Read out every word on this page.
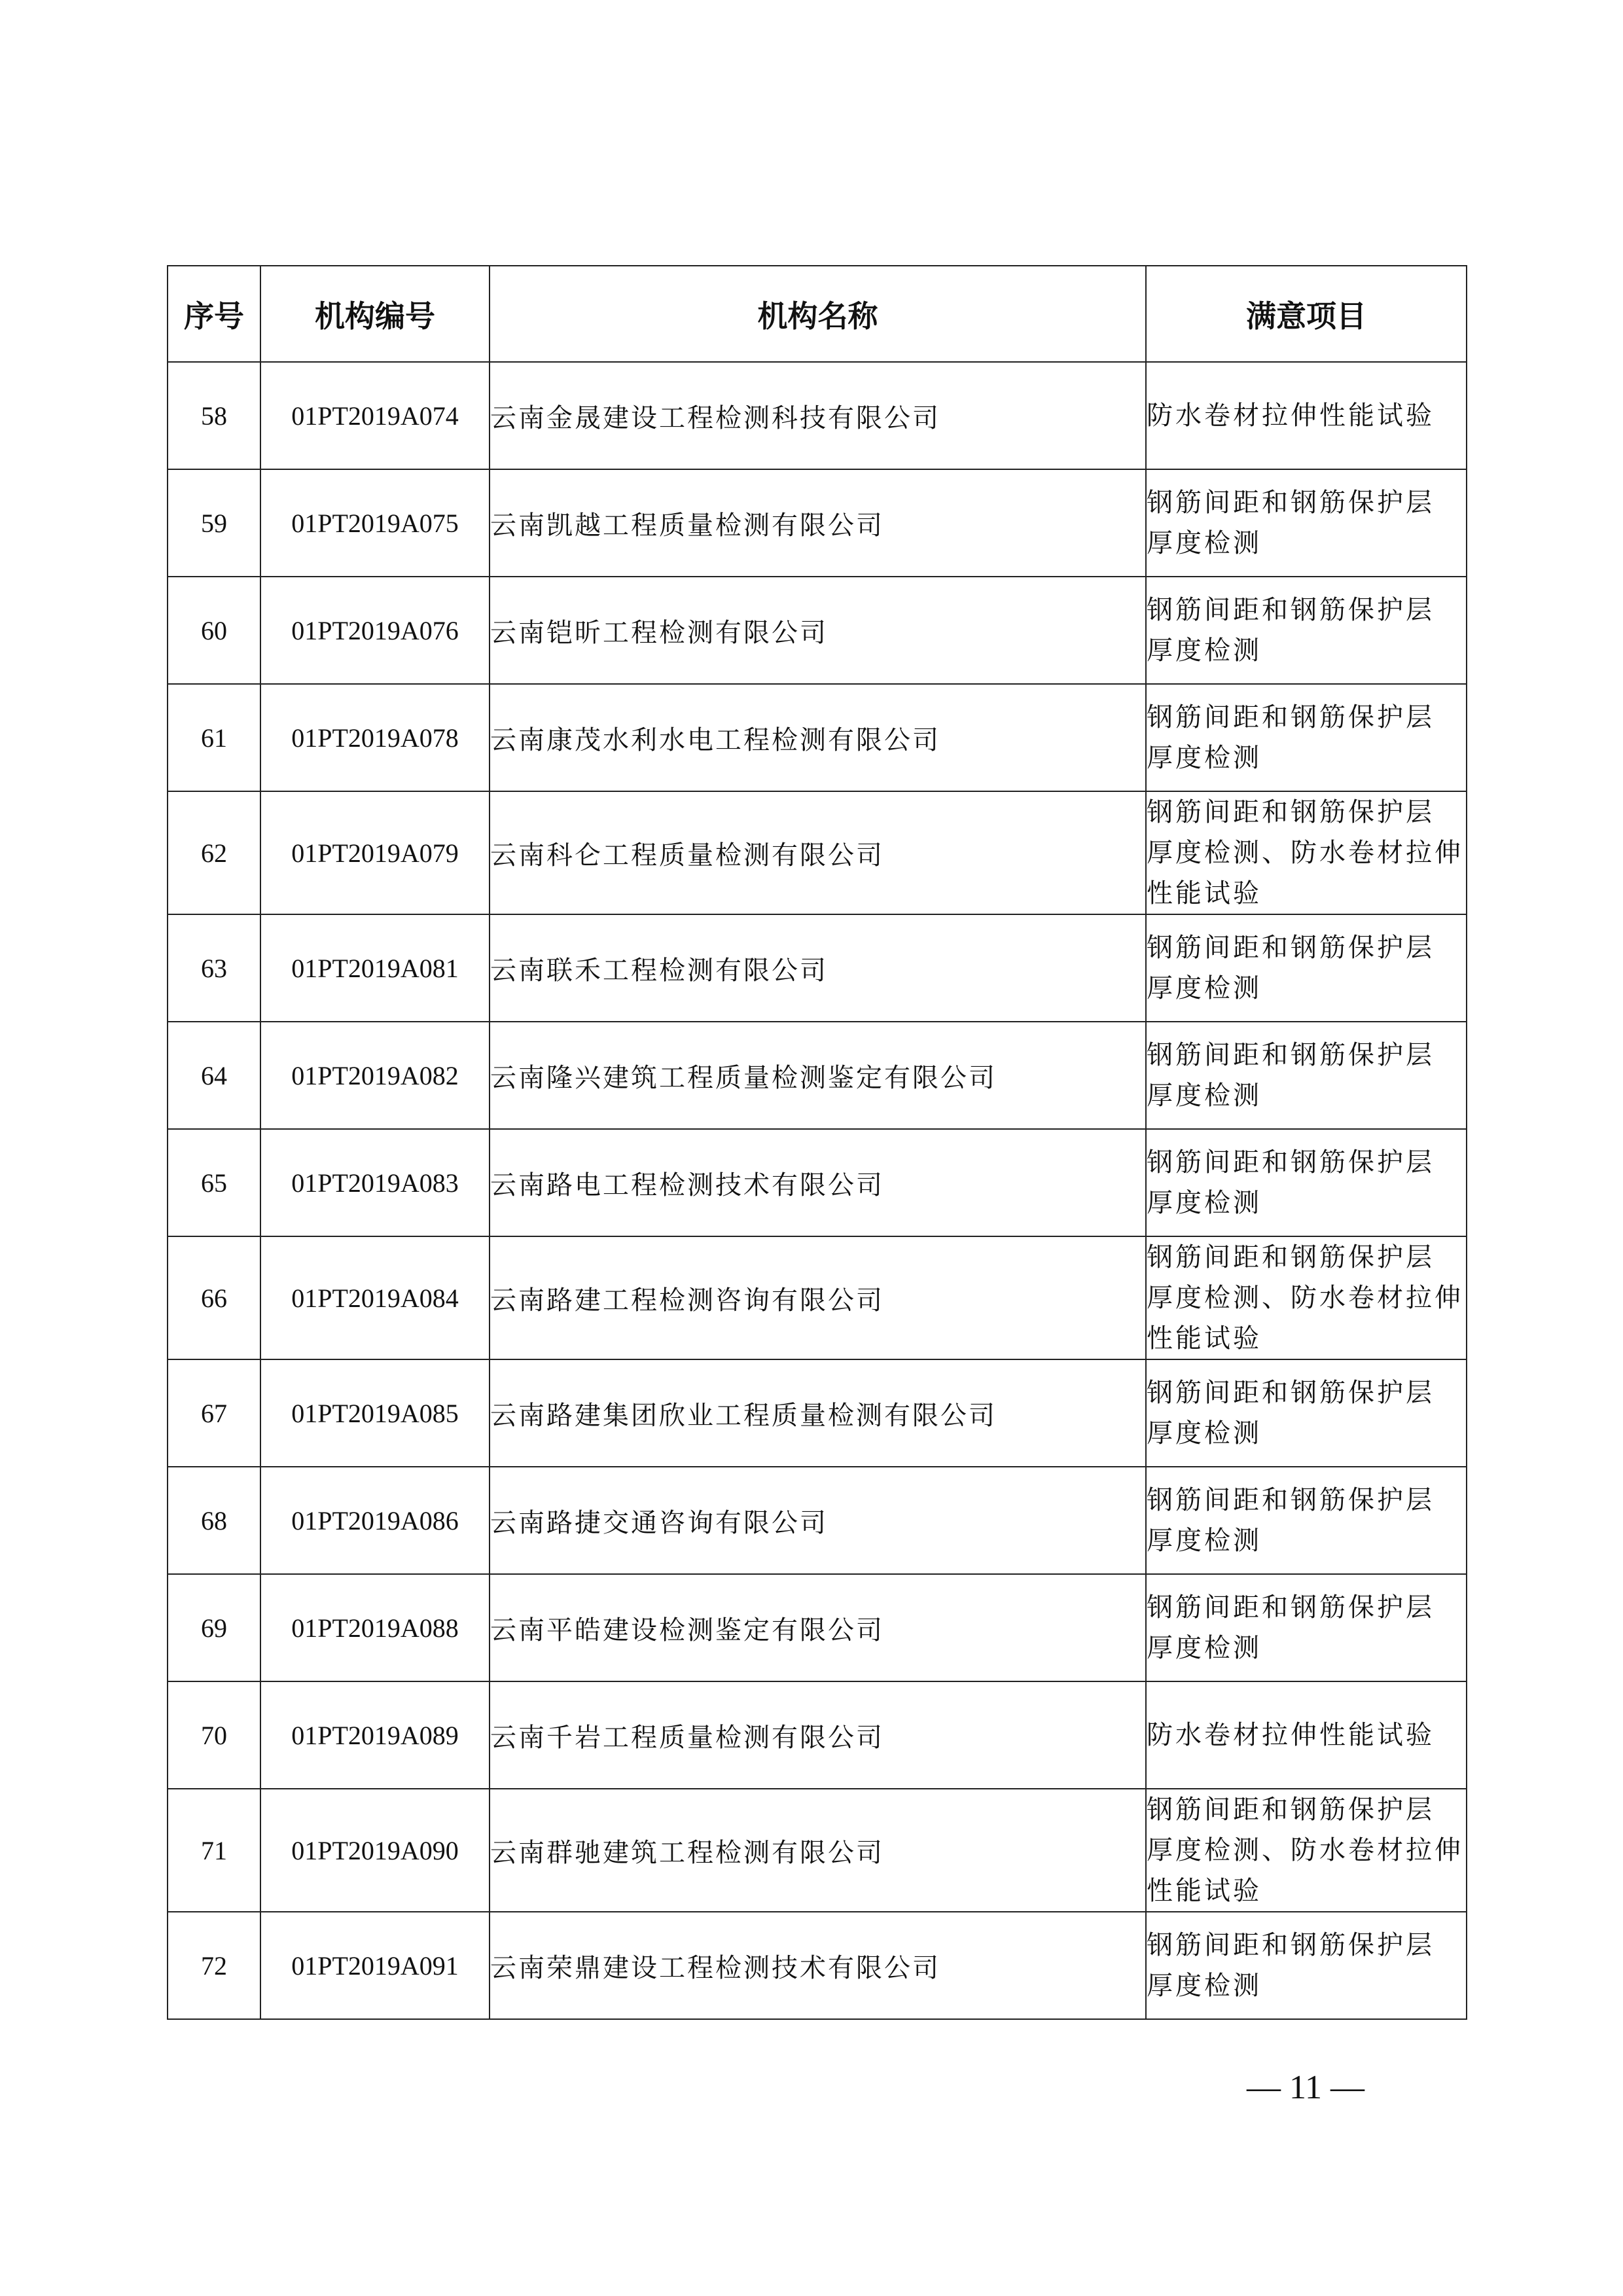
序号	机构编号	机构名称	满意项目
58	01PT2019A074	云南金晟建设工程检测科技有限公司	防水卷材拉伸性能试验

59	01PT2019A075	云南凯越工程质量检测有限公司	钢筋间距和钢筋保护层
厚度检测

60	01PT2019A076	云南铠昕工程检测有限公司	钢筋间距和钢筋保护层
厚度检测

61	01PT2019A078	云南康茂水利水电工程检测有限公司	钢筋间距和钢筋保护层
厚度检测

62	01PT2019A079	云南科仑工程质量检测有限公司	钢筋间距和钢筋保护层
厚度检测、防水卷材拉伸
性能试验

63	01PT2019A081	云南联禾工程检测有限公司	钢筋间距和钢筋保护层
厚度检测

64	01PT2019A082	云南隆兴建筑工程质量检测鉴定有限公司	钢筋间距和钢筋保护层
厚度检测

65	01PT2019A083	云南路电工程检测技术有限公司	钢筋间距和钢筋保护层
厚度检测

66	01PT2019A084	云南路建工程检测咨询有限公司	钢筋间距和钢筋保护层
厚度检测、防水卷材拉伸
性能试验

67	01PT2019A085	云南路建集团欣业工程质量检测有限公司	钢筋间距和钢筋保护层
厚度检测

68	01PT2019A086	云南路捷交通咨询有限公司	钢筋间距和钢筋保护层
厚度检测

69	01PT2019A088	云南平皓建设检测鉴定有限公司	钢筋间距和钢筋保护层
厚度检测

70	01PT2019A089	云南千岩工程质量检测有限公司	防水卷材拉伸性能试验

71	01PT2019A090	云南群驰建筑工程检测有限公司	钢筋间距和钢筋保护层
厚度检测、防水卷材拉伸
性能试验

72	01PT2019A091	云南荣鼎建设工程检测技术有限公司	钢筋间距和钢筋保护层
厚度检测
— 11 —
